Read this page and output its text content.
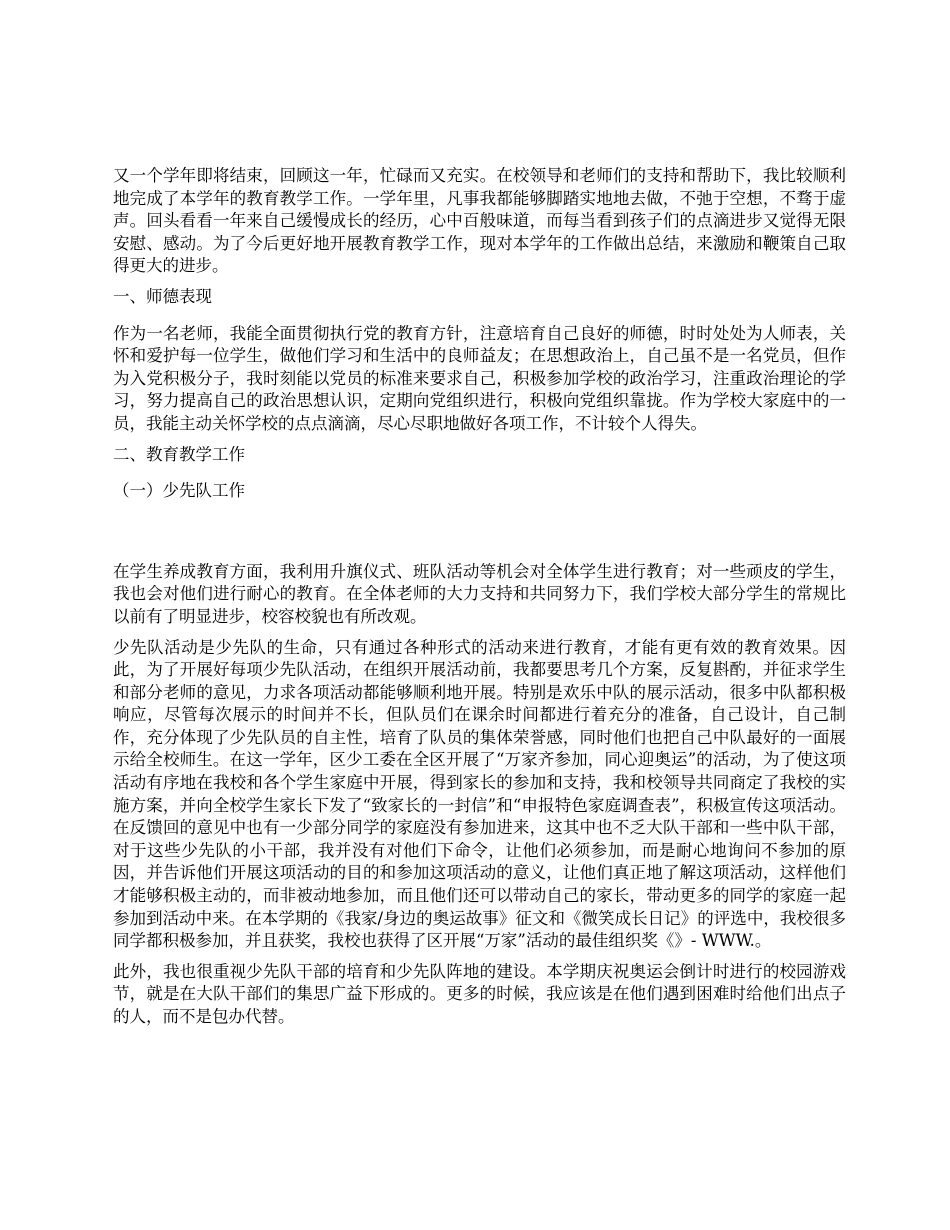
又一个学年即将结束，回顾这一年，忙碌而又充实。在校领导和老师们的支持和帮助下，我比较顺利地完成了本学年的教育教学工作。一学年里，凡事我都能够脚踏实地地去做，不弛于空想，不骛于虚声。回头看看一年来自己缓慢成长的经历，心中百般味道，而每当看到孩子们的点滴进步又觉得无限安慰、感动。为了今后更好地开展教育教学工作，现对本学年的工作做出总结，来激励和鞭策自己取得更大的进步。

一、师德表现

作为一名老师，我能全面贯彻执行党的教育方针，注意培育自己良好的师德，时时处处为人师表，关怀和爱护每一位学生，做他们学习和生活中的良师益友；在思想政治上，自己虽不是一名党员，但作为入党积极分子，我时刻能以党员的标准来要求自己，积极参加学校的政治学习，注重政治理论的学习，努力提高自己的政治思想认识，定期向党组织进行，积极向党组织靠拢。作为学校大家庭中的一员，我能主动关怀学校的点点滴滴，尽心尽职地做好各项工作，不计较个人得失。

二、教育教学工作

（一）少先队工作

在学生养成教育方面，我利用升旗仪式、班队活动等机会对全体学生进行教育；对一些顽皮的学生，我也会对他们进行耐心的教育。在全体老师的大力支持和共同努力下，我们学校大部分学生的常规比以前有了明显进步，校容校貌也有所改观。

少先队活动是少先队的生命，只有通过各种形式的活动来进行教育，才能有更有效的教育效果。因此，为了开展好每项少先队活动，在组织开展活动前，我都要思考几个方案，反复斟酌，并征求学生和部分老师的意见，力求各项活动都能够顺利地开展。特别是欢乐中队的展示活动，很多中队都积极响应，尽管每次展示的时间并不长，但队员们在课余时间都进行着充分的准备，自己设计，自己制作，充分体现了少先队员的自主性，培育了队员的集体荣誉感，同时他们也把自己中队最好的一面展示给全校师生。在这一学年，区少工委在全区开展了“万家齐参加，同心迎奥运”的活动，为了使这项活动有序地在我校和各个学生家庭中开展，得到家长的参加和支持，我和校领导共同商定了我校的实施方案，并向全校学生家长下发了“致家长的一封信”和“申报特色家庭调查表”，积极宣传这项活动。在反馈回的意见中也有一少部分同学的家庭没有参加进来，这其中也不乏大队干部和一些中队干部，对于这些少先队的小干部，我并没有对他们下命令，让他们必须参加，而是耐心地询问不参加的原因，并告诉他们开展这项活动的目的和参加这项活动的意义，让他们真正地了解这项活动，这样他们才能够积极主动的，而非被动地参加，而且他们还可以带动自己的家长，带动更多的同学的家庭一起参加到活动中来。在本学期的《我家/身边的奥运故事》征文和《微笑成长日记》的评选中，我校很多同学都积极参加，并且获奖，我校也获得了区开展“万家”活动的最佳组织奖《》- WWW.。

此外，我也很重视少先队干部的培育和少先队阵地的建设。本学期庆祝奥运会倒计时进行的校园游戏节，就是在大队干部们的集思广益下形成的。更多的时候，我应该是在他们遇到困难时给他们出点子的人，而不是包办代替。
